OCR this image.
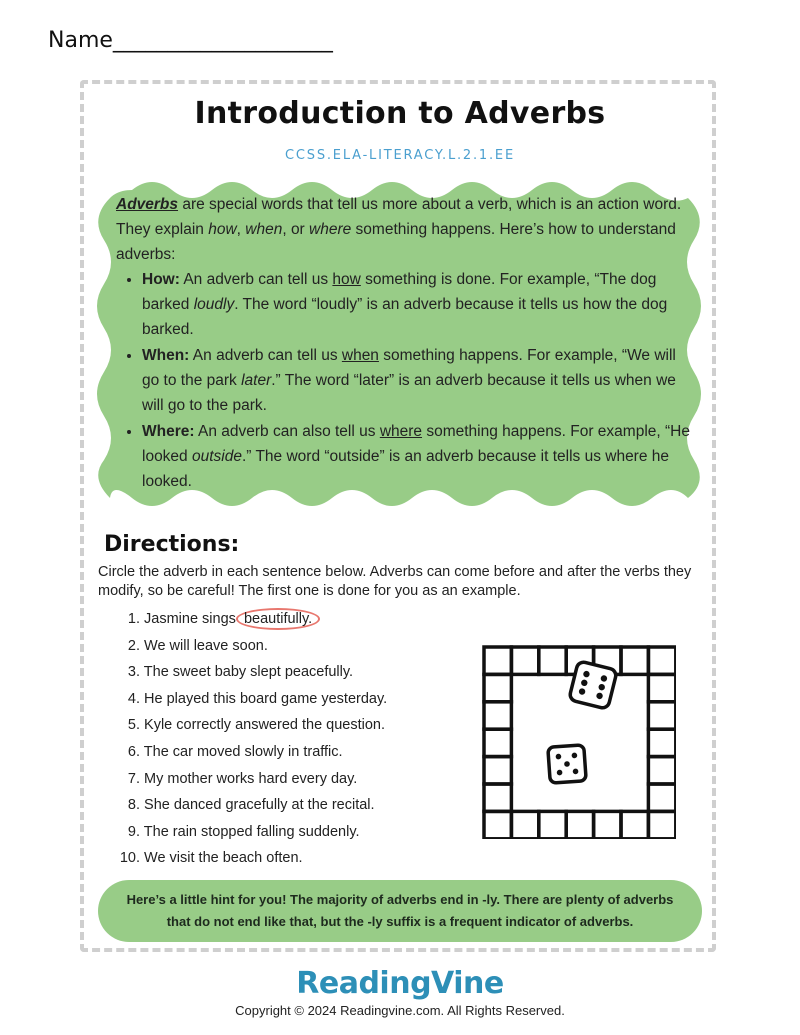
Name____________________
Introduction to Adverbs
CCSS.ELA-LITERACY.L.2.1.EE

Adverbs are special words that tell us more about a verb, which is an action word. They explain how, when, or where something happens. Here’s how to understand adverbs:

• How: An adverb can tell us how something is done. For example, “The dog barked loudly. The word “loudly” is an adverb because it tells us how the dog barked.
• When: An adverb can tell us when something happens. For example, “We will go to the park later.” The word “later” is an adverb because it tells us when we will go to the park.
• Where: An adverb can also tell us where something happens. For example, “He looked outside.” The word “outside” is an adverb because it tells us where he looked.
Directions:
Circle the adverb in each sentence below. Adverbs can come before and after the verbs they modify, so be careful! The first one is done for you as an example.
1. Jasmine sings beautifully.
2. We will leave soon.
3. The sweet baby slept peacefully.
4. He played this board game yesterday.
5. Kyle correctly answered the question.
6. The car moved slowly in traffic.
7. My mother works hard every day.
8. She danced gracefully at the recital.
9. The rain stopped falling suddenly.
10. We visit the beach often.
Here’s a little hint for you! The majority of adverbs end in -ly. There are plenty of adverbs that do not end like that, but the -ly suffix is a frequent indicator of adverbs.
ReadingVine
Copyright © 2024 Readingvine.com. All Rights Reserved.
